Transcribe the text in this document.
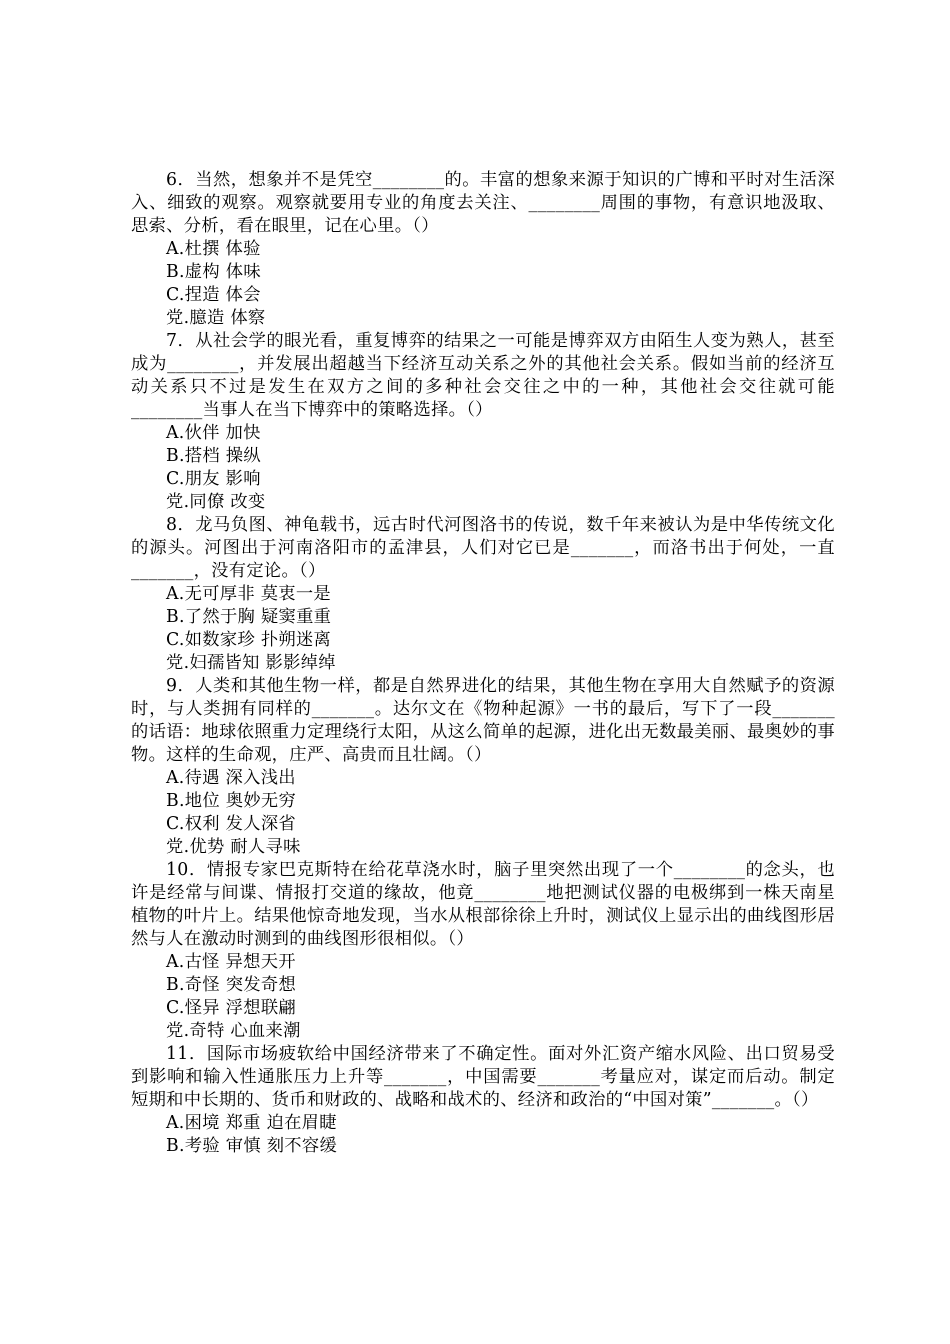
6．当然，想象并不是凭空________的。丰富的想象来源于知识的广博和平时对生活深入、细致的观察。观察就要用专业的角度去关注、________周围的事物，有意识地汲取、思索、分析，看在眼里，记在心里。（）

A.杜撰 体验
B.虚构 体味
C.捏造 体会
党.臆造 体察

7．从社会学的眼光看，重复博弈的结果之一可能是博弈双方由陌生人变为熟人，甚至成为________，并发展出超越当下经济互动关系之外的其他社会关系。假如当前的经济互动关系只不过是发生在双方之间的多种社会交往之中的一种，其他社会交往就可能________当事人在当下博弈中的策略选择。（）

A.伙伴 加快
B.搭档 操纵
C.朋友 影响
党.同僚 改变

8．龙马负图、神龟载书，远古时代河图洛书的传说，数千年来被认为是中华传统文化的源头。河图出于河南洛阳市的孟津县，人们对它已是_______，而洛书出于何处，一直_______，没有定论。（）

A.无可厚非 莫衷一是
B.了然于胸 疑窦重重
C.如数家珍 扑朔迷离
党.妇孺皆知 影影绰绰

9．人类和其他生物一样，都是自然界进化的结果，其他生物在享用大自然赋予的资源时，与人类拥有同样的_______。达尔文在《物种起源》一书的最后，写下了一段_______的话语：地球依照重力定理绕行太阳，从这么简单的起源，进化出无数最美丽、最奥妙的事物。这样的生命观，庄严、高贵而且壮阔。（）

A.待遇 深入浅出
B.地位 奥妙无穷
C.权利 发人深省
党.优势 耐人寻味

10．情报专家巴克斯特在给花草浇水时，脑子里突然出现了一个________的念头，也许是经常与间谍、情报打交道的缘故，他竟________地把测试仪器的电极绑到一株天南星植物的叶片上。结果他惊奇地发现，当水从根部徐徐上升时，测试仪上显示出的曲线图形居然与人在激动时测到的曲线图形很相似。（）

A.古怪 异想天开
B.奇怪 突发奇想
C.怪异 浮想联翩
党.奇特 心血来潮

11．国际市场疲软给中国经济带来了不确定性。面对外汇资产缩水风险、出口贸易受到影响和输入性通胀压力上升等_______，中国需要_______考量应对，谋定而后动。制定短期和中长期的、货币和财政的、战略和战术的、经济和政治的“中国对策”_______。（）

A.困境 郑重 迫在眉睫
B.考验 审慎 刻不容缓
